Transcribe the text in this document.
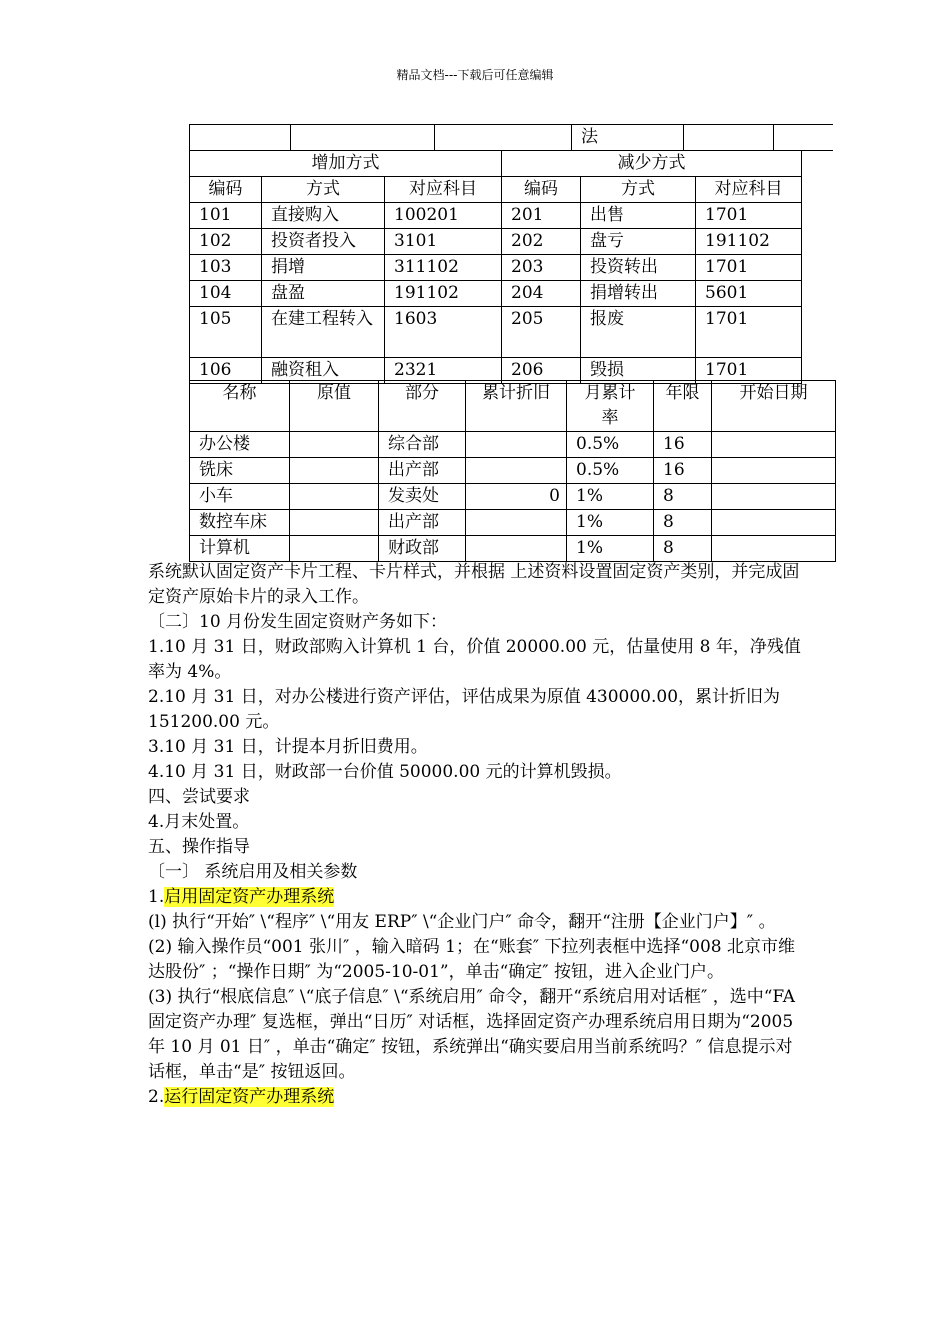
精品文档---下载后可任意编辑
			法		
增加方式			减少方式		
编码	方式	对应科目	编码	方式	对应科目
101	直接购入	100201	201	出售	1701
102	投资者投入	3101	202	盘亏	191102
103	捐增	311102	203	投资转出	1701
104	盘盈	191102	204	捐增转出	5601
105	在建工程转入	1603	205	报废	1701
106	融资租入	2321	206	毁损	1701
名称	原值	部分	累计折旧	月累计率	年限	开始日期
办公楼		综合部		0.5%	16	
铣床		出产部		0.5%	16	
小车		发卖处	0	1%	8	
数控车床		出产部		1%	8	
计算机		财政部		1%	8	

系统默认固定资产卡片工程、卡片样式，并根据 上述资料设置固定资产类别，并完成固定资产原始卡片的录入工作。

〔二〕10 月份发生固定资财产务如下：

1.10 月 31 日，财政部购入计算机 1 台，价值 20000.00 元，估量使用 8 年，净残值率为 4%。

2.10 月 31 日，对办公楼进行资产评估，评估成果为原值 430000.00，累计折旧为 151200.00 元。

3.10 月 31 日，计提本月折旧费用。

4.10 月 31 日，财政部一台价值 50000.00 元的计算机毁损。

四、尝试要求

4.月末处置。

五、操作指导

〔一〕 系统启用及相关参数

1.启用固定资产办理系统

(l) 执行“开始″ \“程序″ \“用友 ERP″ \“企业门户″ 命令，翻开“注册【企业门户】″ 。

(2) 输入操作员“001 张川″ ，输入暗码 1；在“账套″ 下拉列表框中选择“008 北京市维达股份″ ；“操作日期″ 为“2005-10-01”，单击“确定″ 按钮，进入企业门户。

(3) 执行“根底信息″ \“底子信息″ \“系统启用″ 命令，翻开“系统启用对话框″ ，选中“FA 固定资产办理″ 复选框，弹出“日历″ 对话框，选择固定资产办理系统启用日期为“2005 年 10 月 01 日″ ，单击“确定″ 按钮，系统弹出“确实要启用当前系统吗？″ 信息提示对话框，单击“是″ 按钮返回。

2.运行固定资产办理系统
